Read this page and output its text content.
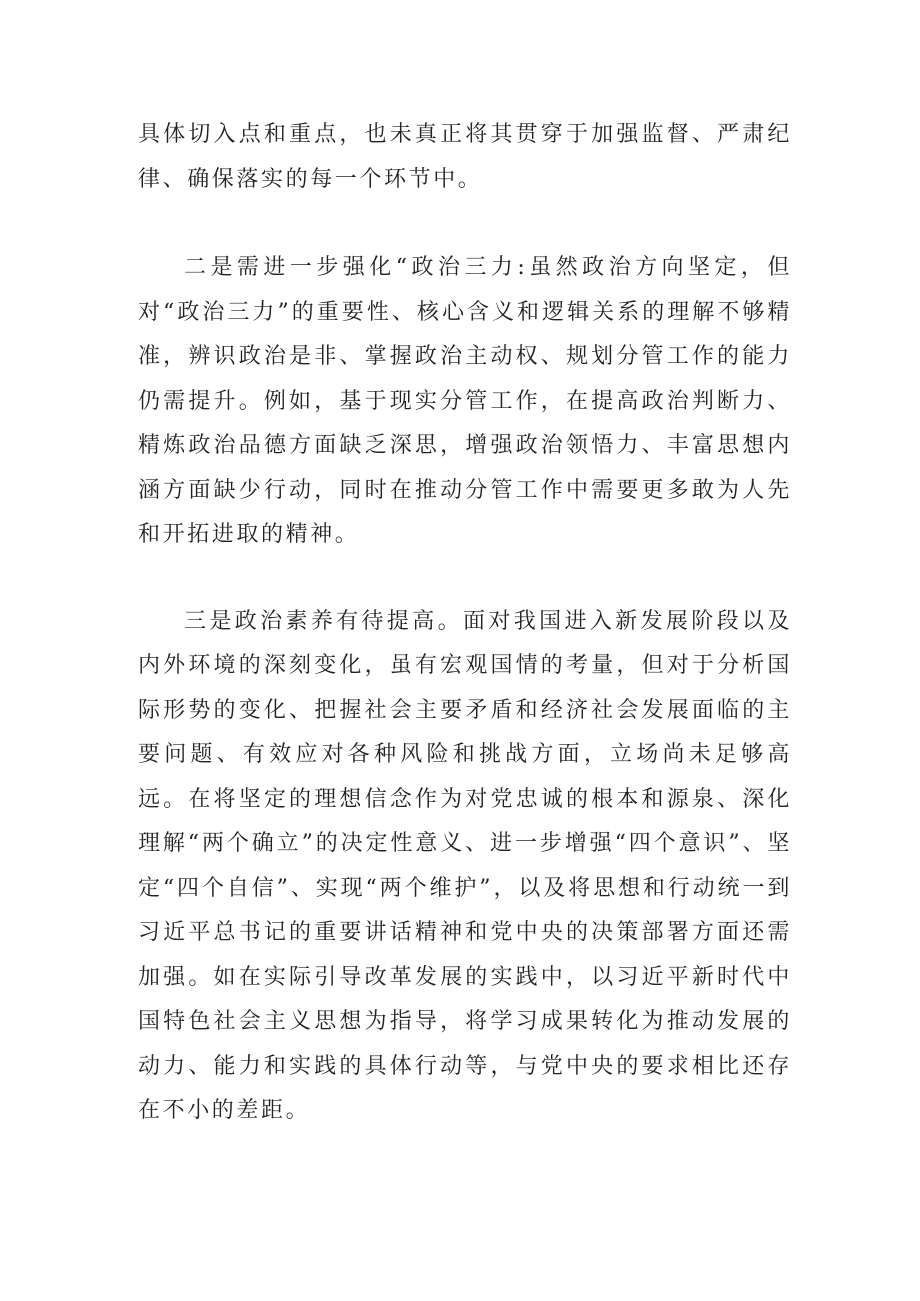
具体切入点和重点，也未真正将其贯穿于加强监督、严肃纪律、确保落实的每一个环节中。

二是需进一步强化“政治三力:虽然政治方向坚定，但对“政治三力”的重要性、核心含义和逻辑关系的理解不够精准，辨识政治是非、掌握政治主动权、规划分管工作的能力仍需提升。例如，基于现实分管工作，在提高政治判断力、精炼政治品德方面缺乏深思，增强政治领悟力、丰富思想内涵方面缺少行动，同时在推动分管工作中需要更多敢为人先和开拓进取的精神。

三是政治素养有待提高。面对我国进入新发展阶段以及内外环境的深刻变化，虽有宏观国情的考量，但对于分析国际形势的变化、把握社会主要矛盾和经济社会发展面临的主要问题、有效应对各种风险和挑战方面，立场尚未足够高远。在将坚定的理想信念作为对党忠诚的根本和源泉、深化理解“两个确立”的决定性意义、进一步增强“四个意识”、坚定“四个自信”、实现“两个维护”，以及将思想和行动统一到习近平总书记的重要讲话精神和党中央的决策部署方面还需加强。如在实际引导改革发展的实践中，以习近平新时代中国特色社会主义思想为指导，将学习成果转化为推动发展的动力、能力和实践的具体行动等，与党中央的要求相比还存在不小的差距。
